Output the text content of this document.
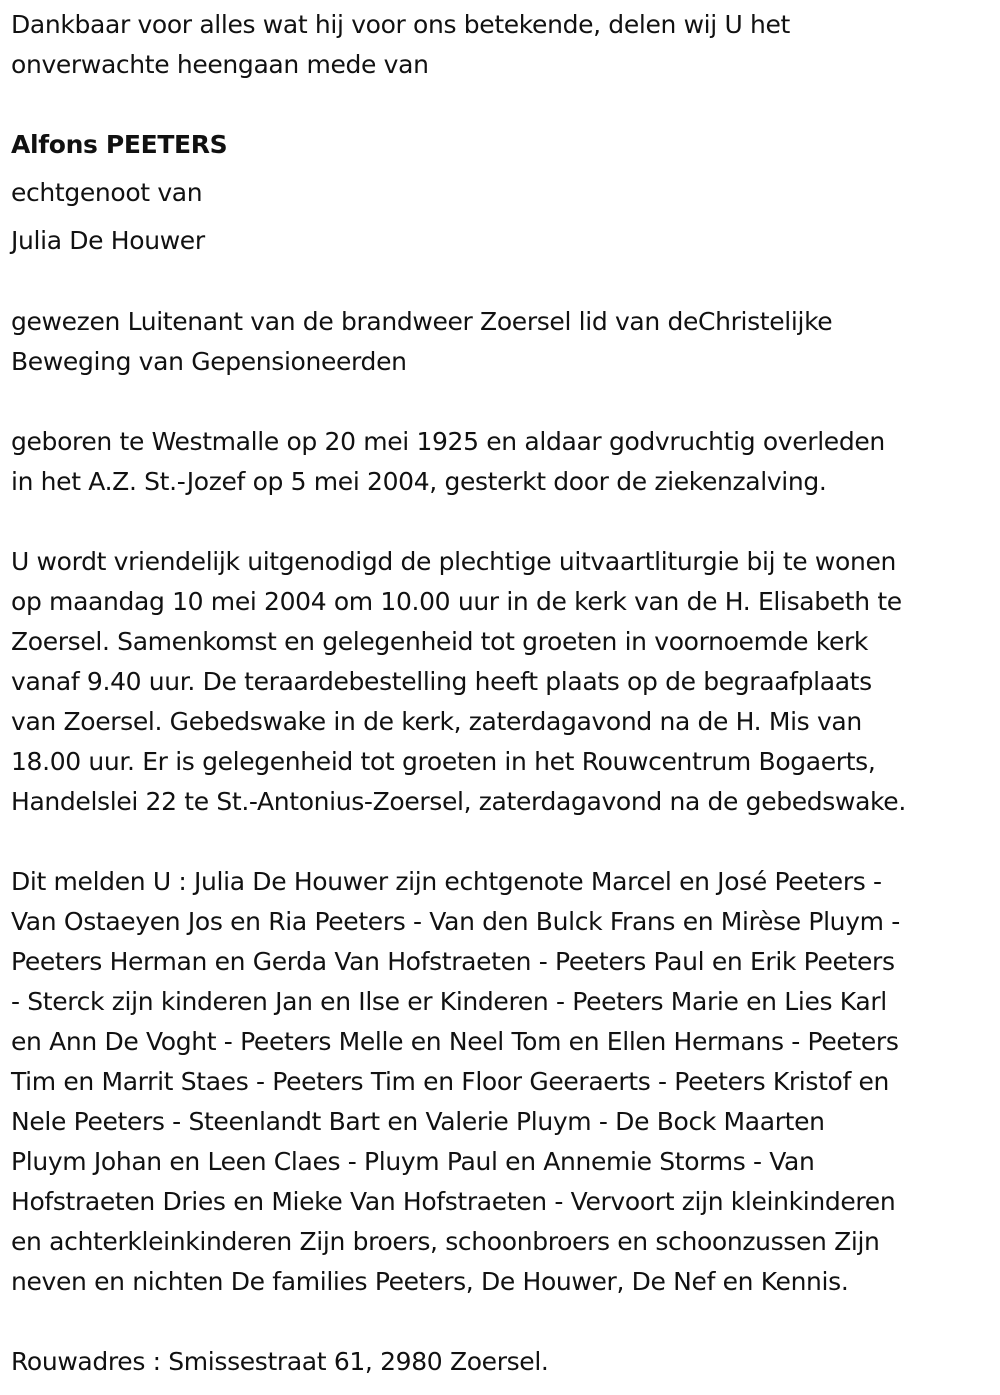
Dankbaar voor alles wat hij voor ons betekende, delen wij U het
onverwachte heengaan mede van
Alfons PEETERS
echtgenoot van
Julia De Houwer
gewezen Luitenant van de brandweer Zoersel lid van deChristelijke
Beweging van Gepensioneerden
geboren te Westmalle op 20 mei 1925 en aldaar godvruchtig overleden
in het A.Z. St.-Jozef op 5 mei 2004, gesterkt door de ziekenzalving.
U wordt vriendelijk uitgenodigd de plechtige uitvaartliturgie bij te wonen
op maandag 10 mei 2004 om 10.00 uur in de kerk van de H. Elisabeth te
Zoersel. Samenkomst en gelegenheid tot groeten in voornoemde kerk
vanaf 9.40 uur. De teraardebestelling heeft plaats op de begraafplaats
van Zoersel. Gebedswake in de kerk, zaterdagavond na de H. Mis van
18.00 uur. Er is gelegenheid tot groeten in het Rouwcentrum Bogaerts,
Handelslei 22 te St.-Antonius-Zoersel, zaterdagavond na de gebedswake.
Dit melden U : Julia De Houwer zijn echtgenote Marcel en José Peeters -
Van Ostaeyen Jos en Ria Peeters - Van den Bulck Frans en Mirèse Pluym -
Peeters Herman en Gerda Van Hofstraeten - Peeters Paul en Erik Peeters
- Sterck zijn kinderen Jan en Ilse er Kinderen - Peeters Marie en Lies Karl
en Ann De Voght - Peeters Melle en Neel Tom en Ellen Hermans - Peeters
Tim en Marrit Staes - Peeters Tim en Floor Geeraerts - Peeters Kristof en
Nele Peeters - Steenlandt Bart en Valerie Pluym - De Bock Maarten
Pluym Johan en Leen Claes - Pluym Paul en Annemie Storms - Van
Hofstraeten Dries en Mieke Van Hofstraeten - Vervoort zijn kleinkinderen
en achterkleinkinderen Zijn broers, schoonbroers en schoonzussen Zijn
neven en nichten De families Peeters, De Houwer, De Nef en Kennis.
Rouwadres : Smissestraat 61, 2980 Zoersel.
